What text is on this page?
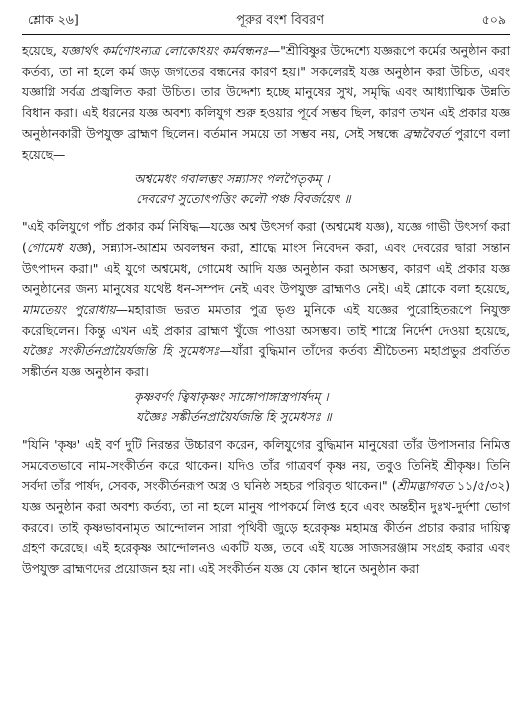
শ্লোক ২৬]	পূরুর বংশ বিবরণ	৫০৯

হয়েছে, যজ্ঞার্থৎ কর্মণোঽন্যত্র লোকোঽয়ং কর্মবন্ধনঃ—"শ্রীবিষ্ণুর উদ্দেশ্যে যজ্ঞরূপে কর্মের অনুষ্ঠান করা কর্তব্য, তা না হলে কর্ম জড় জগতের বন্ধনের কারণ হয়।" সকলেরই যজ্ঞ অনুষ্ঠান করা উচিত, এবং যজ্ঞাগ্নি সর্বত্র প্রজ্বলিত করা উচিত। তার উদ্দেশ্য হচ্ছে মানুষের সুখ, সমৃদ্ধি এবং আধ্যাত্মিক উন্নতি বিধান করা। এই ধরনের যজ্ঞ অবশ্য কলিযুগ শুরু হওয়ার পূর্বে সম্ভব ছিল, কারণ তখন এই প্রকার যজ্ঞ অনুষ্ঠানকারী উপযুক্ত ব্রাহ্মণ ছিলেন। বর্তমান সময়ে তা সম্ভব নয়, সেই সম্বন্ধে ব্রহ্মবৈবর্ত পুরাণে বলা হয়েছে—

অশ্বমেধং গবালম্ভং সন্ন্যাসং পলপৈতৃকম্ ।
দেবরেণ সুতোৎপত্তিং কলৌ পঞ্চ বিবর্জয়েৎ ॥

"এই কলিযুগে পাঁচ প্রকার কর্ম নিষিদ্ধ—যজ্ঞে অশ্ব উৎসর্গ করা (অশ্বমেধ যজ্ঞ), যজ্ঞে গাভী উৎসর্গ করা (গোমেধ যজ্ঞ), সন্ন্যাস-আশ্রম অবলম্বন করা, শ্রাদ্ধে মাংস নিবেদন করা, এবং দেবরের দ্বারা সন্তান উৎপাদন করা।" এই যুগে অশ্বমেধ, গোমেধ আদি যজ্ঞ অনুষ্ঠান করা অসম্ভব, কারণ এই প্রকার যজ্ঞ অনুষ্ঠানের জন্য মানুষের যথেষ্ট ধন-সম্পদ নেই এবং উপযুক্ত ব্রাহ্মণও নেই। এই শ্লোকে বলা হয়েছে, মামতেয়ং পুরোধায়—মহারাজ ভরত মমতার পুত্র ভৃগু মুনিকে এই যজ্ঞের পুরোহিতরূপে নিযুক্ত করেছিলেন। কিন্তু এখন এই প্রকার ব্রাহ্মণ খুঁজে পাওয়া অসম্ভব। তাই শাস্ত্রে নির্দেশ দেওয়া হয়েছে, যজ্ঞৈঃ সংকীর্তনপ্রায়ৈর্যজন্তি হি সুমেধসঃ—যাঁরা বুদ্ধিমান তাঁদের কর্তব্য শ্রীচৈতন্য মহাপ্রভুর প্রবর্তিত সঙ্কীর্তন যজ্ঞ অনুষ্ঠান করা।

কৃষ্ণবর্ণং ত্বিষাকৃষ্ণং সাঙ্গোপাঙ্গাস্ত্রপার্ষদম্ ।
যজ্ঞৈঃ সঙ্কীর্তনপ্রায়ৈর্যজন্তি হি সুমেধসঃ ॥

"যিনি 'কৃষ্ণ' এই বর্ণ দুটি নিরন্তর উচ্চারণ করেন, কলিযুগের বুদ্ধিমান মানুষেরা তাঁর উপাসনার নিমিত্ত সমবেতভাবে নাম-সংকীর্তন করে থাকেন। যদিও তাঁর গাত্রবর্ণ কৃষ্ণ নয়, তবুও তিনিই শ্রীকৃষ্ণ। তিনি সর্বদা তাঁর পার্ষদ, সেবক, সংকীর্তনরূপ অস্ত্র ও ঘনিষ্ঠ সহচর পরিবৃত থাকেন।" (শ্রীমদ্ভাগবত ১১/৫/৩২) যজ্ঞ অনুষ্ঠান করা অবশ্য কর্তব্য, তা না হলে মানুষ পাপকর্মে লিপ্ত হবে এবং অন্তহীন দুঃখ-দুর্দশা ভোগ করবে। তাই কৃষ্ণভাবনামৃত আন্দোলন সারা পৃথিবী জুড়ে হরেকৃষ্ণ মহামন্ত্র কীর্তন প্রচার করার দায়িত্ব গ্রহণ করেছে। এই হরেকৃষ্ণ আন্দোলনও একটি যজ্ঞ, তবে এই যজ্ঞে সাজসরঞ্জাম সংগ্রহ করার এবং উপযুক্ত ব্রাহ্মণদের প্রয়োজন হয় না। এই সংকীর্তন যজ্ঞ যে কোন স্থানে অনুষ্ঠান করা
